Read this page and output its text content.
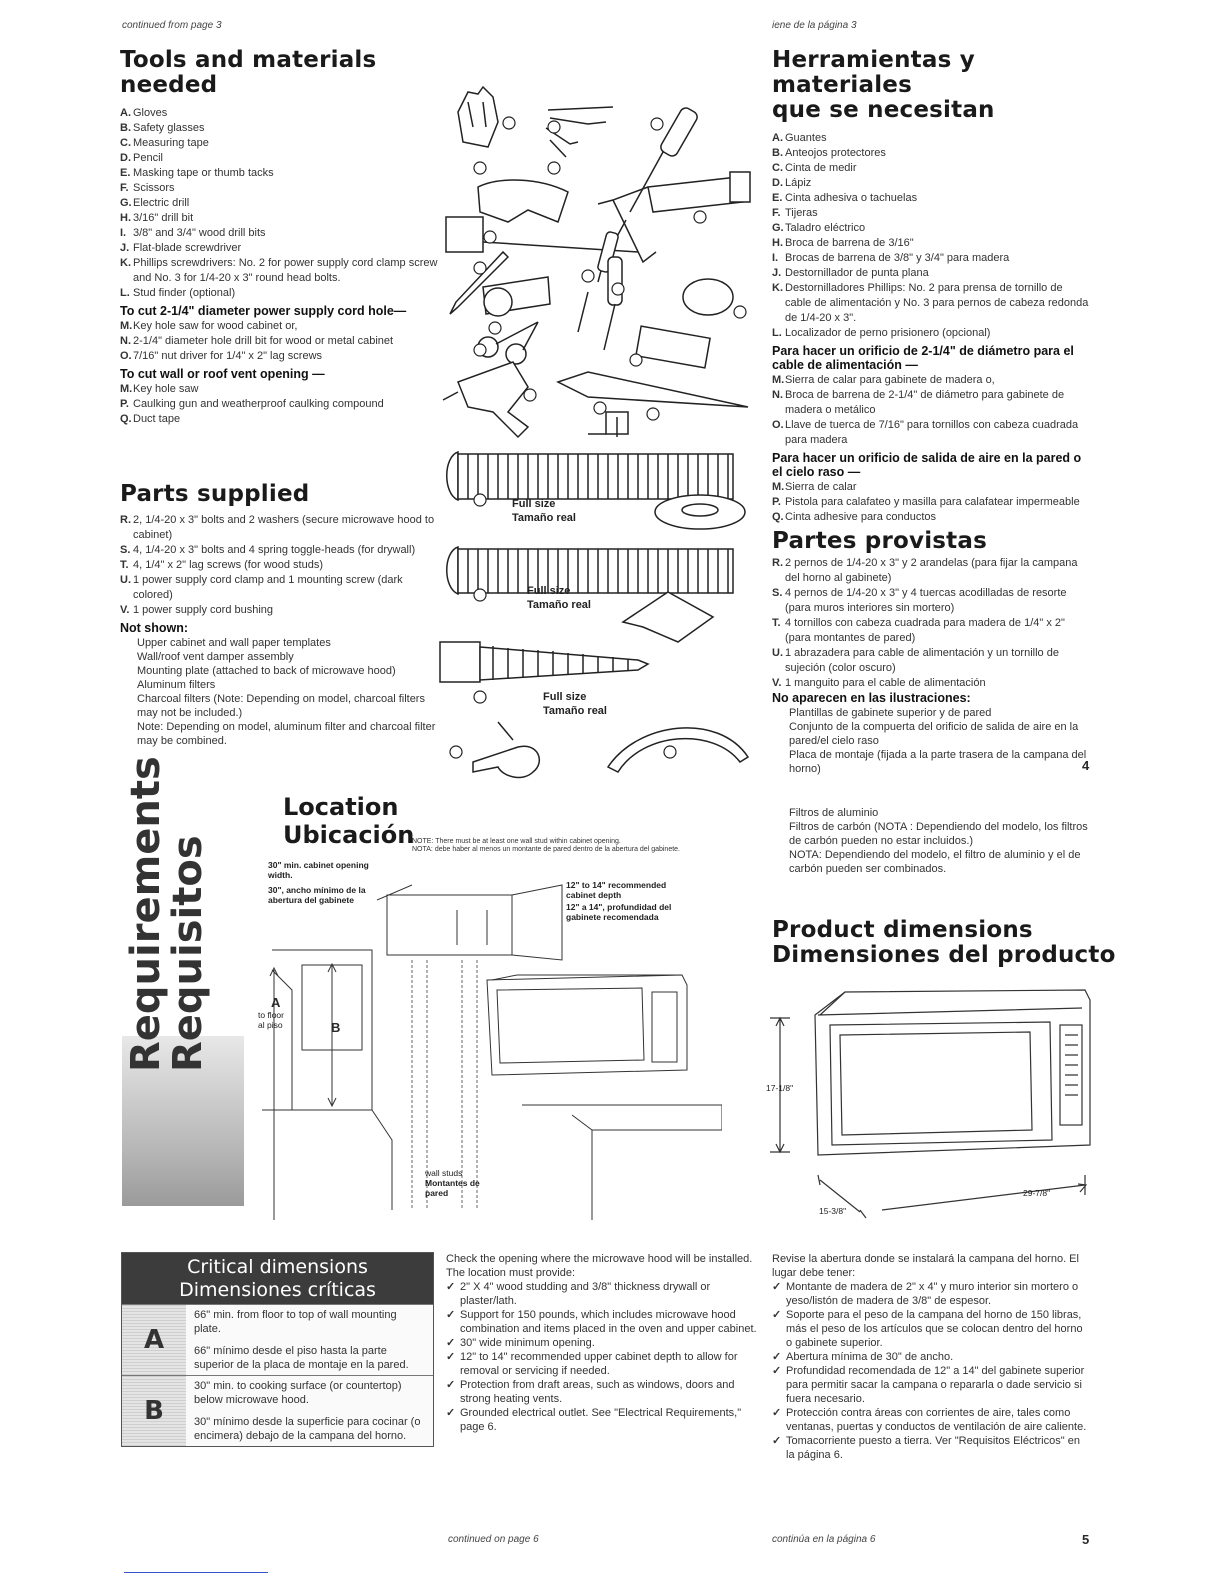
continued from page 3	iene de la página 3
Tools and materials
needed
A. Gloves
B. Safety glasses
C. Measuring tape
D. Pencil
E. Masking tape or thumb tacks
F. Scissors
G. Electric drill
H. 3/16" drill bit
I. 3/8" and 3/4" wood drill bits
J. Flat-blade screwdriver
K. Phillips screwdrivers: No. 2 for power supply cord clamp screw and No. 3 for 1/4-20 x 3" round head bolts.
L. Stud finder (optional)
To cut 2-1/4" diameter power supply cord hole—
M. Key hole saw for wood cabinet or,
N. 2-1/4" diameter hole drill bit for wood or metal cabinet
O. 7/16" nut driver for 1/4" x 2" lag screws
To cut wall or roof vent opening —
M. Key hole saw
P. Caulking gun and weatherproof caulking compound
Q. Duct tape
Parts supplied
R. 2, 1/4-20 x 3" bolts and 2 washers (secure microwave hood to cabinet)
S. 4, 1/4-20 x 3" bolts and 4 spring toggle-heads (for drywall)
T. 4, 1/4" x 2" lag screws (for wood studs)
U. 1 power supply cord clamp and 1 mounting screw (dark colored)
V. 1 power supply cord bushing
Not shown:
Upper cabinet and wall paper templates
Wall/roof vent damper assembly
Mounting plate (attached to back of microwave hood)
Aluminum filters
Charcoal filters (Note: Depending on model, charcoal filters may not be included.)
Note: Depending on model, aluminum filter and charcoal filter may be combined.
Herramientas y materiales
que se necesitan
A. Guantes
B. Anteojos protectores
C. Cinta de medir
D. Lápiz
E. Cinta adhesiva o tachuelas
F. Tijeras
G. Taladro eléctrico
H. Broca de barrena de 3/16"
I. Brocas de barrena de 3/8" y 3/4" para madera
J. Destornillador de punta plana
K. Destornilladores Phillips: No. 2 para prensa de tornillo de cable de alimentación y No. 3 para pernos de cabeza redonda de 1/4-20 x 3".
L. Localizador de perno prisionero (opcional)
Para hacer un orificio de 2-1/4" de diámetro para el cable de alimentación —
M. Sierra de calar para gabinete de madera o,
N. Broca de barrena de 2-1/4" de diámetro para gabinete de madera o metálico
O. Llave de tuerca de 7/16" para tornillos con cabeza cuadrada para madera
Para hacer un orificio de salida de aire en la pared o el cielo raso —
M. Sierra de calar
P. Pistola para calafateo y masilla para calafatear impermeable
Q. Cinta adhesive para conductos
Partes provistas
R. 2 pernos de 1/4-20 x 3" y 2 arandelas (para fijar la campana del horno al gabinete)
S. 4 pernos de 1/4-20 x 3" y 4 tuercas acodilladas de resorte (para muros interiores sin mortero)
T. 4 tornillos con cabeza cuadrada para madera de 1/4" x 2" (para montantes de pared)
U. 1 abrazadera para cable de alimentación y un tornillo de sujeción (color oscuro)
V. 1 manguito para el cable de alimentación
No aparecen en las ilustraciones:
Plantillas de gabinete superior y de pared
Conjunto de la compuerta del orificio de salida de aire en la pared/el cielo raso
Placa de montaje (fijada a la parte trasera de la campana del horno)	4
Filtros de aluminio
Filtros de carbón (NOTA : Dependiendo del modelo, los filtros de carbón pueden no estar incluidos.)
NOTA: Dependiendo del modelo, el filtro de aluminio y el de carbón pueden ser combinados.
Full size
Tamaño real
Full size
Tamaño real
Full size
Tamaño real
Requirements
Requisitos
Location
Ubicación
NOTE: There must be at least one wall stud within cabinet opening.
NOTA: debe haber al menos un montante de pared dentro de la abertura del gabinete.
30" min. cabinet opening width.
30", ancho mínimo de la abertura del gabinete
12" to 14" recommended cabinet depth
12" a 14", profundidad del gabinete recomendada
A
to floor
al piso	B
wall studs
Montantes de pared
Product dimensions
Dimensiones del producto
17-1/8"
29-7/8"
15-3/8"
Critical dimensions
Dimensiones críticas
A
66" min. from floor to top of wall mounting plate.
66" mínimo desde el piso hasta la parte superior de la placa de montaje en la pared.
B
30" min. to cooking surface (or countertop) below microwave hood.
30" mínimo desde la superficie para cocinar (o encimera) debajo de la campana del horno.
Check the opening where the microwave hood will be installed. The location must provide:
✓ 2" X 4" wood studding and 3/8" thickness drywall or plaster/lath.
✓ Support for 150 pounds, which includes microwave hood combination and items placed in the oven and upper cabinet.
✓ 30" wide minimum opening.
✓ 12" to 14" recommended upper cabinet depth to allow for removal or servicing if needed.
✓ Protection from draft areas, such as windows, doors and strong heating vents.
✓ Grounded electrical outlet. See "Electrical Requirements," page 6.
Revise la abertura donde se instalará la campana del horno. El lugar debe tener:
✓ Montante de madera de 2" x 4" y muro interior sin mortero o yeso/listón de madera de 3/8" de espesor.
✓ Soporte para el peso de la campana del horno de 150 libras, más el peso de los artículos que se colocan dentro del horno o gabinete superior.
✓ Abertura mínima de 30" de ancho.
✓ Profundidad recomendada de 12" a 14" del gabinete superior para permitir sacar la campana o repararla o dade servicio si fuera necesario.
✓ Protección contra áreas con corrientes de aire, tales como ventanas, puertas y conductos de ventilación de aire caliente.
✓ Tomacorriente puesto a tierra. Ver "Requisitos Eléctricos" en la página 6.
continued on page 6	continúa en la página 6	5
